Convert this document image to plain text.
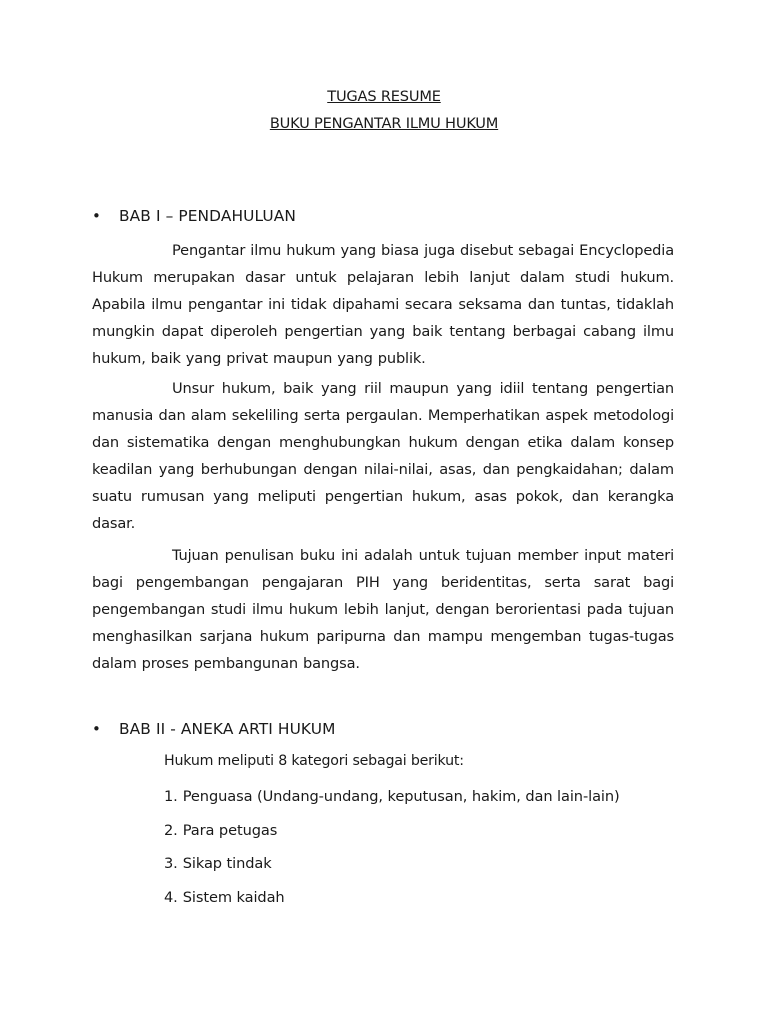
TUGAS RESUME
BUKU PENGANTAR ILMU HUKUM
•	BAB I – PENDAHULUAN

Pengantar ilmu hukum yang biasa juga disebut sebagai Encyclopedia Hukum merupakan dasar untuk pelajaran lebih lanjut dalam studi hukum. Apabila ilmu pengantar ini tidak dipahami secara seksama dan tuntas, tidaklah mungkin dapat diperoleh pengertian yang baik tentang berbagai cabang ilmu hukum, baik yang privat maupun yang publik.

Unsur hukum, baik yang riil maupun yang idiil tentang pengertian manusia dan alam sekeliling serta pergaulan. Memperhatikan aspek metodologi dan sistematika dengan menghubungkan hukum dengan etika dalam konsep keadilan yang berhubungan dengan nilai-nilai, asas, dan pengkaidahan; dalam suatu rumusan yang meliputi pengertian hukum, asas pokok, dan kerangka dasar.

Tujuan penulisan buku ini adalah untuk tujuan member input materi bagi pengembangan pengajaran PIH yang beridentitas, serta sarat bagi pengembangan studi ilmu hukum lebih lanjut, dengan berorientasi pada tujuan menghasilkan sarjana hukum paripurna dan mampu mengemban tugas-tugas dalam proses pembangunan bangsa.

•	BAB II - ANEKA ARTI HUKUM
Hukum meliputi 8 kategori sebagai berikut:
1. Penguasa (Undang-undang, keputusan, hakim, dan lain-lain)
2. Para petugas
3. Sikap tindak
4. Sistem kaidah
